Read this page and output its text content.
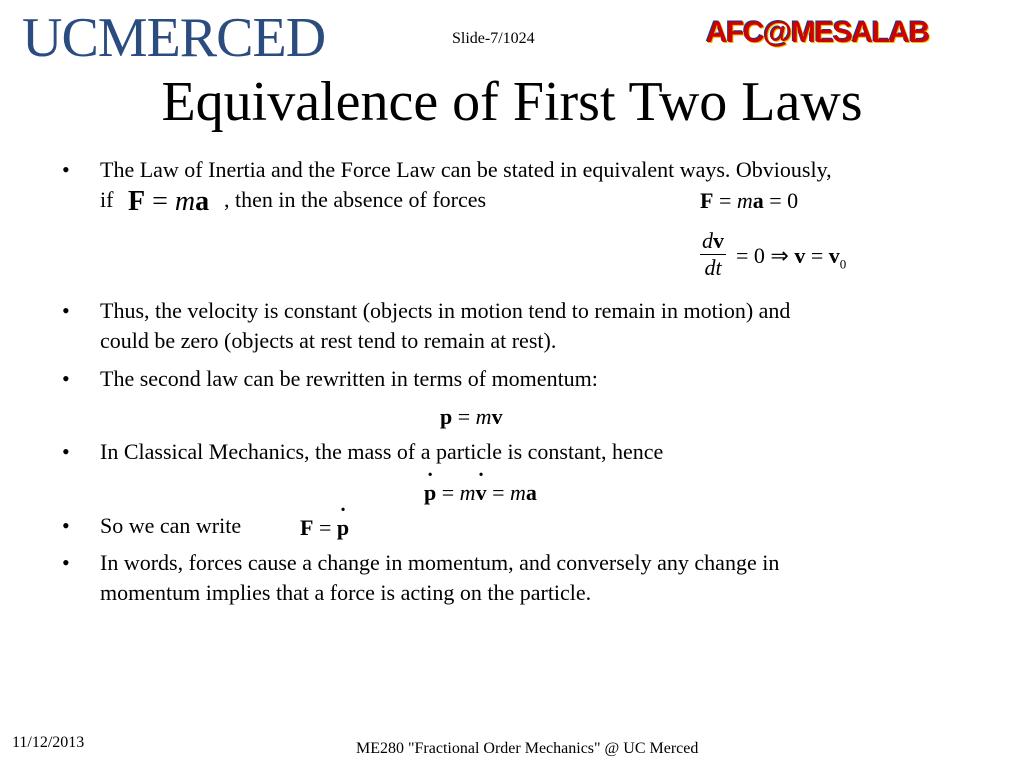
UCMERCED	Slide-7/1024	AFC@MESALAB
Equivalence of First Two Laws
• The Law of Inertia and the Force Law can be stated in equivalent ways. Obviously,
if F = ma , then in the absence of forces	F = ma = 0
dv
dt = 0 ⇒ $v = v_0$
• Thus, the velocity is constant (objects in motion tend to remain in motion) and
could be zero (objects at rest tend to remain at rest).
• The second law can be rewritten in terms of momentum:
p = mv
• In Classical Mechanics, the mass of a particle is constant, hence
p ˙ = mv ˙ = ma
• So we can write	F = p ˙
• In words, forces cause a change in momentum, and conversely any change in
momentum implies that a force is acting on the particle.
11/12/2013	ME280 "Fractional Order Mechanics" @ UC Merced
